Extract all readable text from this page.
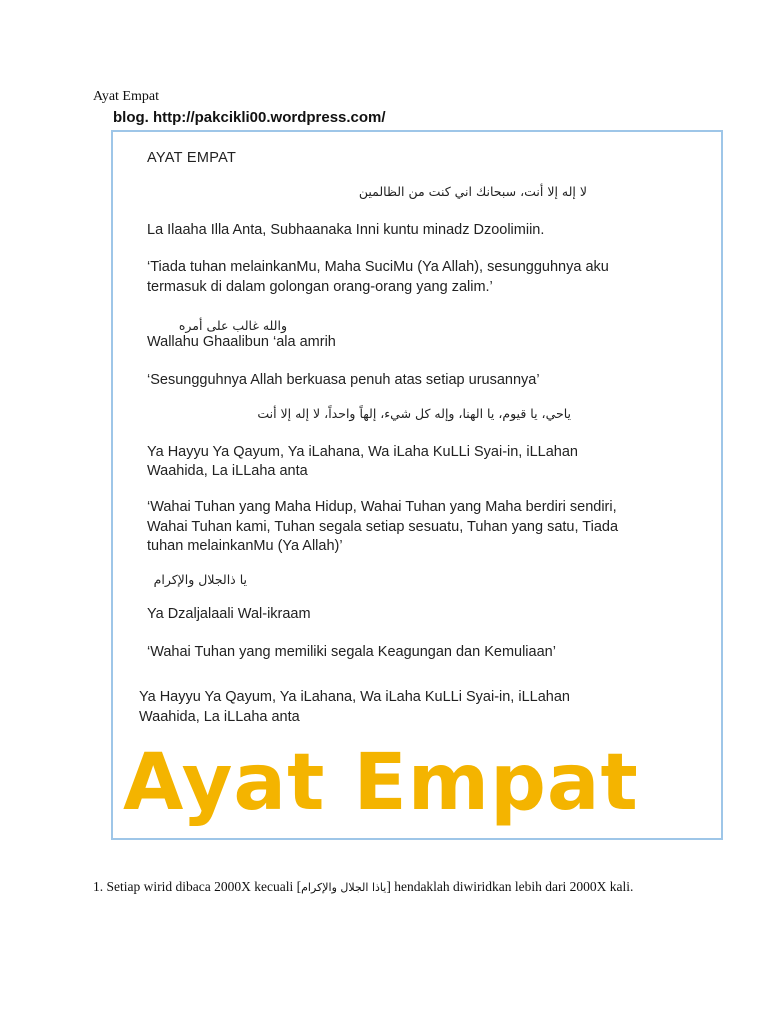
Ayat Empat
blog. http://pakcikli00.wordpress.com/
AYAT EMPAT
لا إله إلا أنت، سبحانك اني كنت من الظالمين
La Ilaaha Illa Anta, Subhaanaka Inni kuntu minadz Dzoolimiin.
‘Tiada tuhan melainkanMu, Maha SuciMu (Ya Allah), sesungguhnya aku
termasuk di dalam golongan orang-orang yang zalim.’
والله غالب على أمره
Wallahu Ghaalibun ‘ala amrih
‘Sesungguhnya Allah berkuasa penuh atas setiap urusannya’
ياحي، يا قيوم، يا الهنا، وإله كل شيء، إلهاً واحداً، لا إله إلا أنت
Ya Hayyu Ya Qayum, Ya iLahana, Wa iLaha KuLLi Syai-in, iLLahan
Waahida, La iLLaha anta
‘Wahai Tuhan yang Maha Hidup, Wahai Tuhan yang Maha berdiri sendiri,
Wahai Tuhan kami, Tuhan segala setiap sesuatu, Tuhan yang satu, Tiada
tuhan melainkanMu (Ya Allah)’
يا ذالجلال والإكرام
Ya Dzaljalaali Wal-ikraam
‘Wahai Tuhan yang memiliki segala Keagungan dan Kemuliaan’
Ya Hayyu Ya Qayum, Ya iLahana, Wa iLaha KuLLi Syai-in, iLLahan
Waahida, La iLLaha anta
Ayat Empat
1. Setiap wirid dibaca 2000X kecuali [ياذا الجلال والإكرام] hendaklah diwiridkan lebih dari 2000X kali.
